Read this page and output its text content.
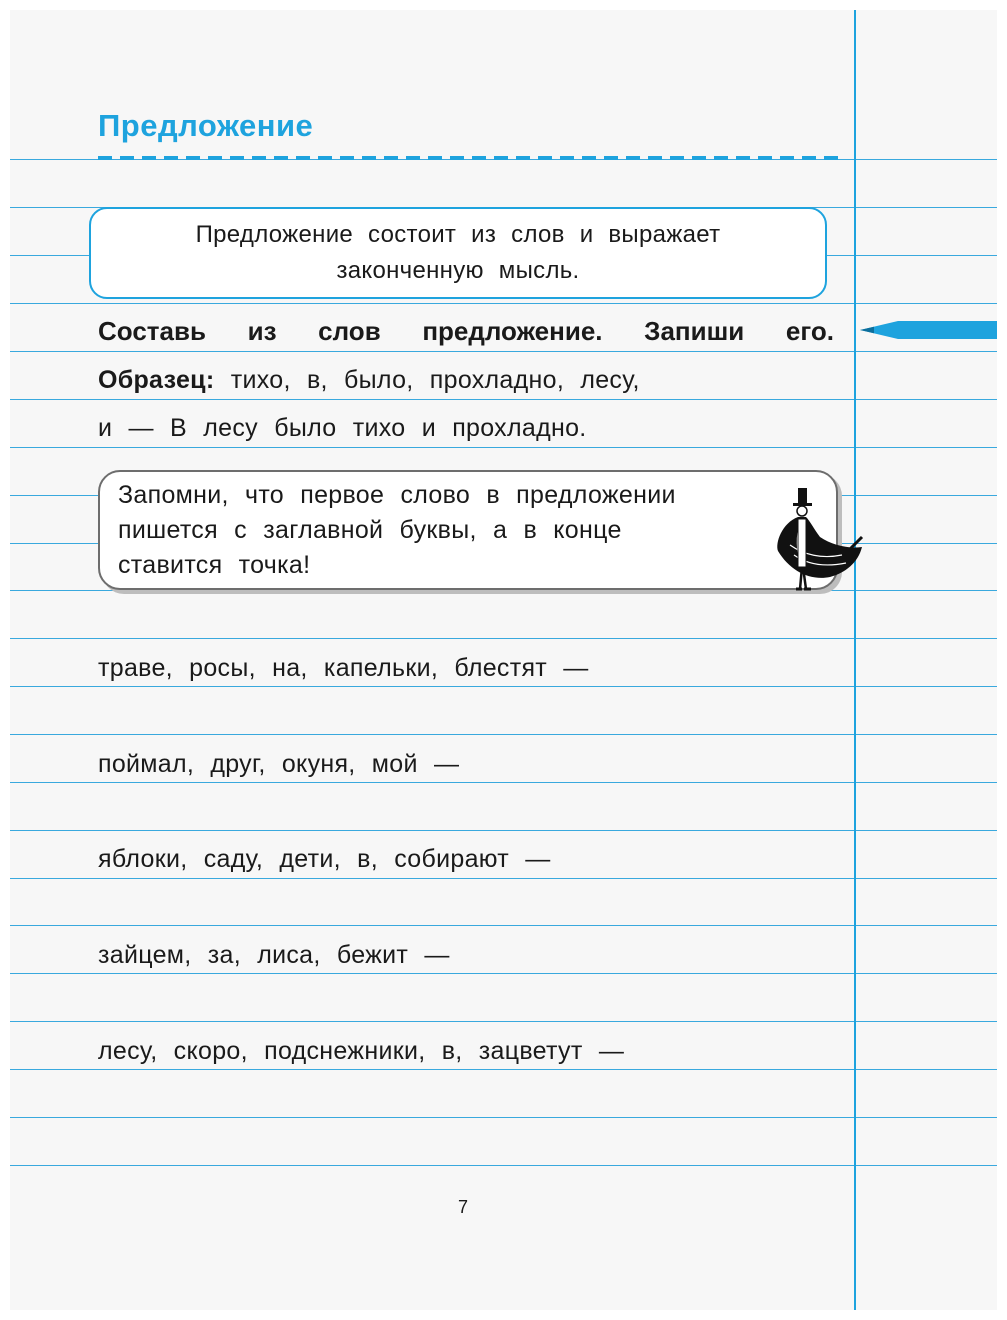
Предложение
Предложение состоит из слов и выражает законченную мысль.
Составь из слов предложение. Запиши его.
Образец: тихо, в, было, прохладно, лесу,
и — В лесу было тихо и прохладно.
Запомни, что первое слово в предложении
пишется с заглавной буквы, а в конце
ставится точка!
траве, росы, на, капельки, блестят —
поймал, друг, окуня, мой —
яблоки, саду, дети, в, собирают —
зайцем, за, лиса, бежит —
лесу, скоро, подснежники, в, зацветут —
7
